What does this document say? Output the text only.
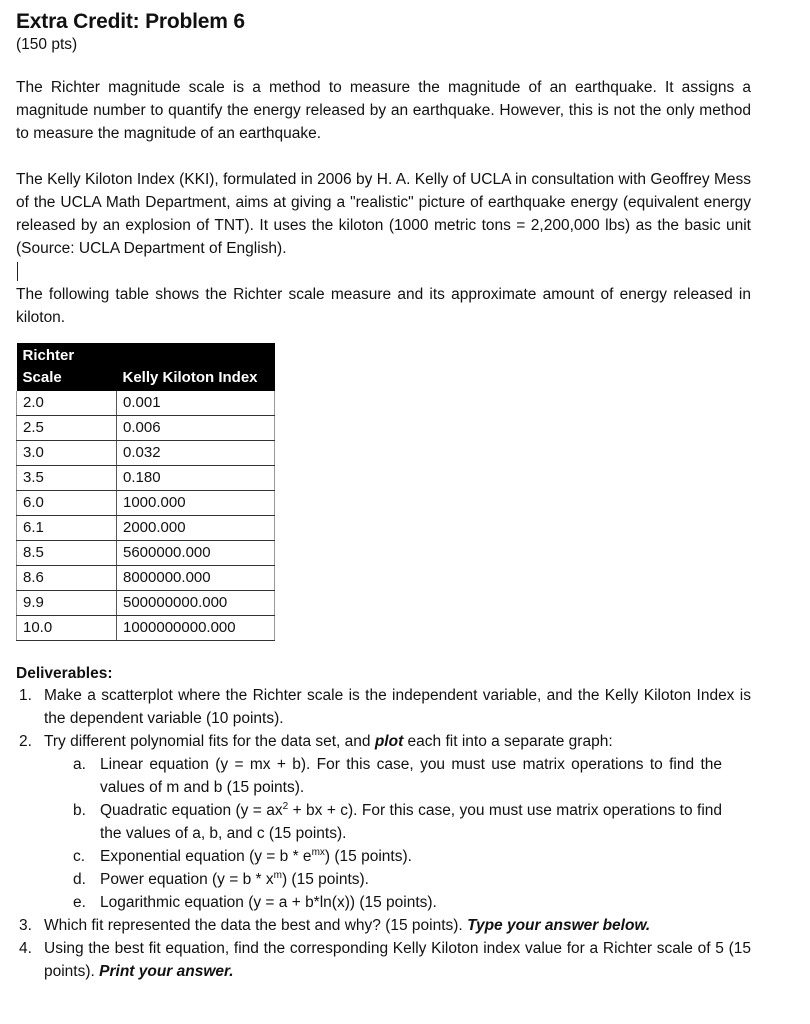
Extra Credit: Problem 6
(150 pts)

The Richter magnitude scale is a method to measure the magnitude of an earthquake. It assigns a magnitude number to quantify the energy released by an earthquake. However, this is not the only method to measure the magnitude of an earthquake.

The Kelly Kiloton Index (KKI), formulated in 2006 by H. A. Kelly of UCLA in consultation with Geoffrey Mess of the UCLA Math Department, aims at giving a "realistic" picture of earthquake energy (equivalent energy released by an explosion of TNT). It uses the kiloton (1000 metric tons = 2,200,000 lbs) as the basic unit (Source: UCLA Department of English).

The following table shows the Richter scale measure and its approximate amount of energy released in kiloton.

Richter
Scale	Kelly Kiloton Index
2.0	0.001
2.5	0.006
3.0	0.032
3.5	0.180
6.0	1000.000
6.1	2000.000
8.5	5600000.000
8.6	8000000.000
9.9	500000000.000
10.0	1000000000.000
Deliverables:
1. Make a scatterplot where the Richter scale is the independent variable, and the Kelly Kiloton Index is the dependent variable (10 points).
2. Try different polynomial fits for the data set, and plot each fit into a separate graph:
a. Linear equation (y = mx + b). For this case, you must use matrix operations to find the values of m and b (15 points).
b. Quadratic equation ($y = ax^2$ + bx + c). For this case, you must use matrix operations to find the values of a, b, and c (15 points).
c. Exponential equation $(y = b * e^{mx})$ (15 points).
d. Power equation $(y = b * x^m)$ (15 points).
e. Logarithmic equation (y = a + b*ln(x)) (15 points).
3. Which fit represented the data the best and why? (15 points). Type your answer below.
4. Using the best fit equation, find the corresponding Kelly Kiloton index value for a Richter scale of 5 (15 points). Print your answer.
